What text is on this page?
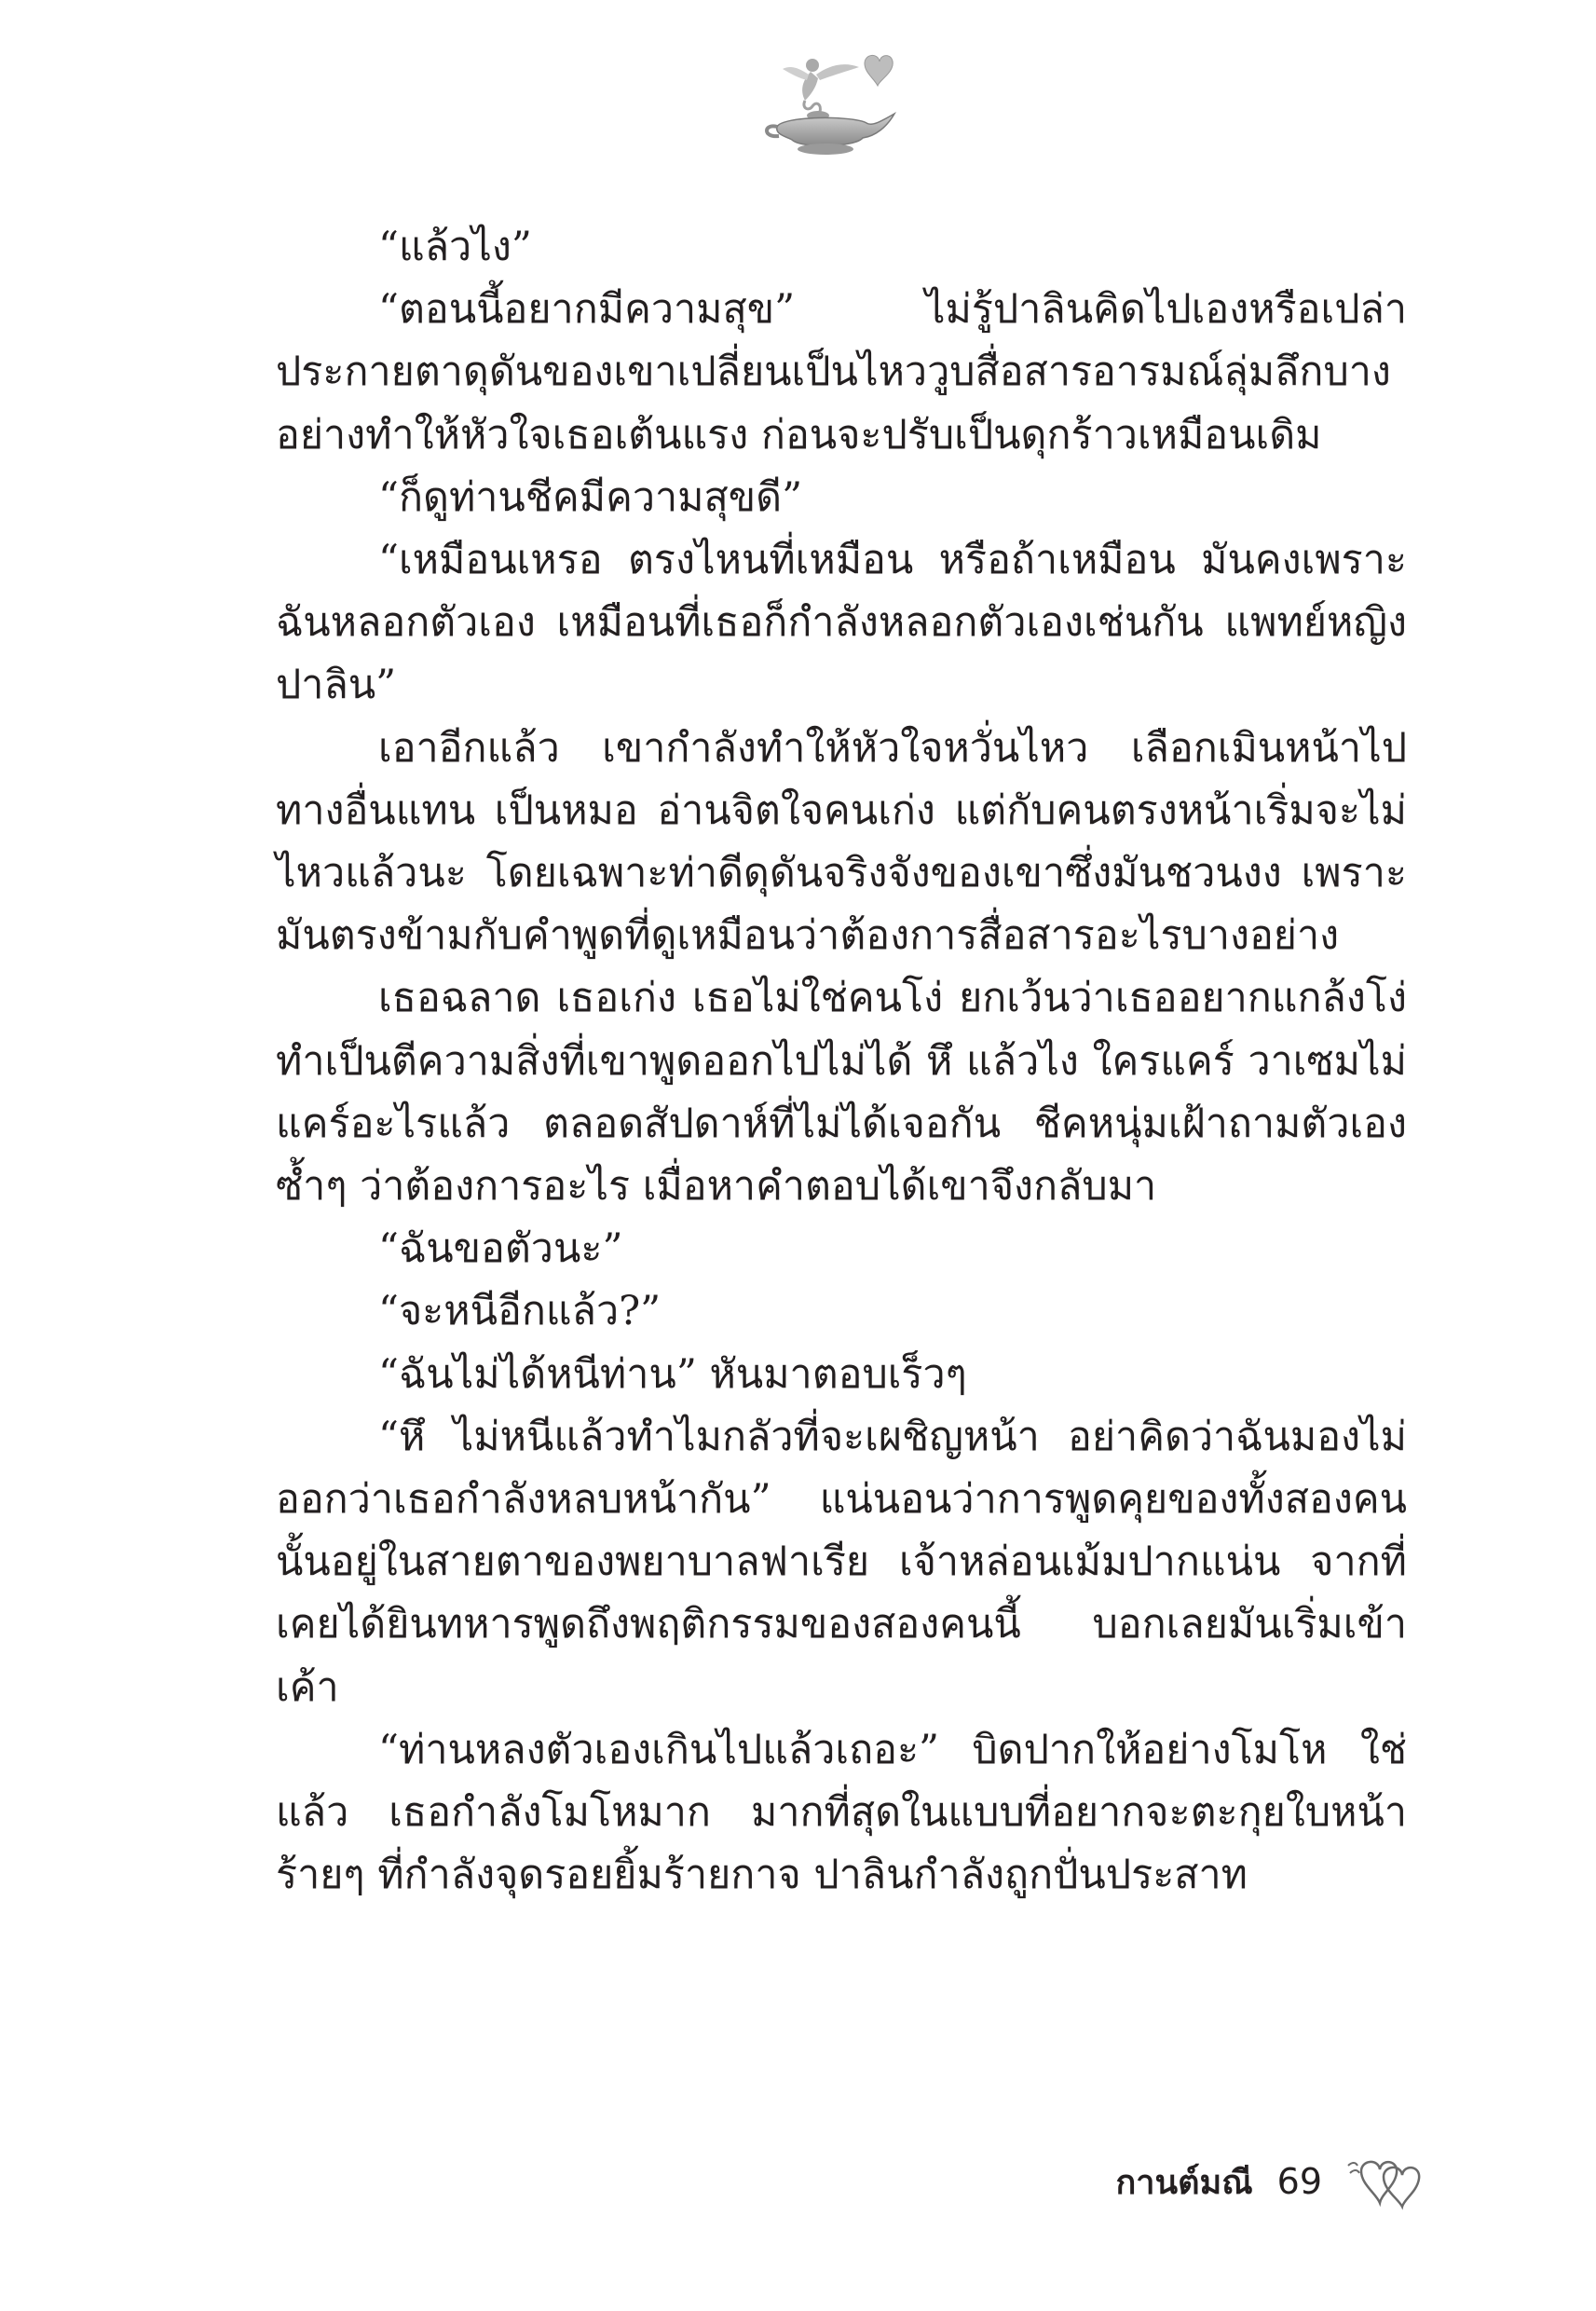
“แล้วไง”

“ตอนนี้อยากมีความสุข” ไม่รู้ปาลินคิดไปเองหรือเปล่า ประกายตาดุดันของเขาเปลี่ยนเป็นไหววูบสื่อสารอารมณ์ลุ่มลึกบางอย่างทำให้หัวใจเธอเต้นแรง ก่อนจะปรับเป็นดุกร้าวเหมือนเดิม

“ก็ดูท่านชีคมีความสุขดี”

“เหมือนเหรอ ตรงไหนที่เหมือน หรือถ้าเหมือน มันคงเพราะฉันหลอกตัวเอง เหมือนที่เธอก็กำลังหลอกตัวเองเช่นกัน แพทย์หญิงปาลิน”

เอาอีกแล้ว เขากำลังทำให้หัวใจหวั่นไหว เลือกเมินหน้าไปทางอื่นแทน เป็นหมอ อ่านจิตใจคนเก่ง แต่กับคนตรงหน้าเริ่มจะไม่ไหวแล้วนะ โดยเฉพาะท่าดีดุดันจริงจังของเขาซึ่งมันชวนงง เพราะมันตรงข้ามกับคำพูดที่ดูเหมือนว่าต้องการสื่อสารอะไรบางอย่าง

เธอฉลาด เธอเก่ง เธอไม่ใช่คนโง่ ยกเว้นว่าเธออยากแกล้งโง่ ทำเป็นตีความสิ่งที่เขาพูดออกไปไม่ได้ หึ แล้วไง ใครแคร์ วาเซมไม่แคร์อะไรแล้ว ตลอดสัปดาห์ที่ไม่ได้เจอกัน ชีคหนุ่มเฝ้าถามตัวเองซ้ำๆ ว่าต้องการอะไร เมื่อหาคำตอบได้เขาจึงกลับมา

“ฉันขอตัวนะ”

“จะหนีอีกแล้ว?”

“ฉันไม่ได้หนีท่าน” หันมาตอบเร็วๆ

“หึ ไม่หนีแล้วทำไมกลัวที่จะเผชิญหน้า อย่าคิดว่าฉันมองไม่ออกว่าเธอกำลังหลบหน้ากัน” แน่นอนว่าการพูดคุยของทั้งสองคนนั้นอยู่ในสายตาของพยาบาลฟาเรีย เจ้าหล่อนเม้มปากแน่น จากที่เคยได้ยินทหารพูดถึงพฤติกรรมของสองคนนี้ บอกเลยมันเริ่มเข้าเค้า

“ท่านหลงตัวเองเกินไปแล้วเถอะ” บิดปากให้อย่างโมโห ใช่แล้ว เธอกำลังโมโหมาก มากที่สุดในแบบที่อยากจะตะกุยใบหน้าร้ายๆ ที่กำลังจุดรอยยิ้มร้ายกาจ ปาลินกำลังถูกปั่นประสาท

กานต์มณี 69
